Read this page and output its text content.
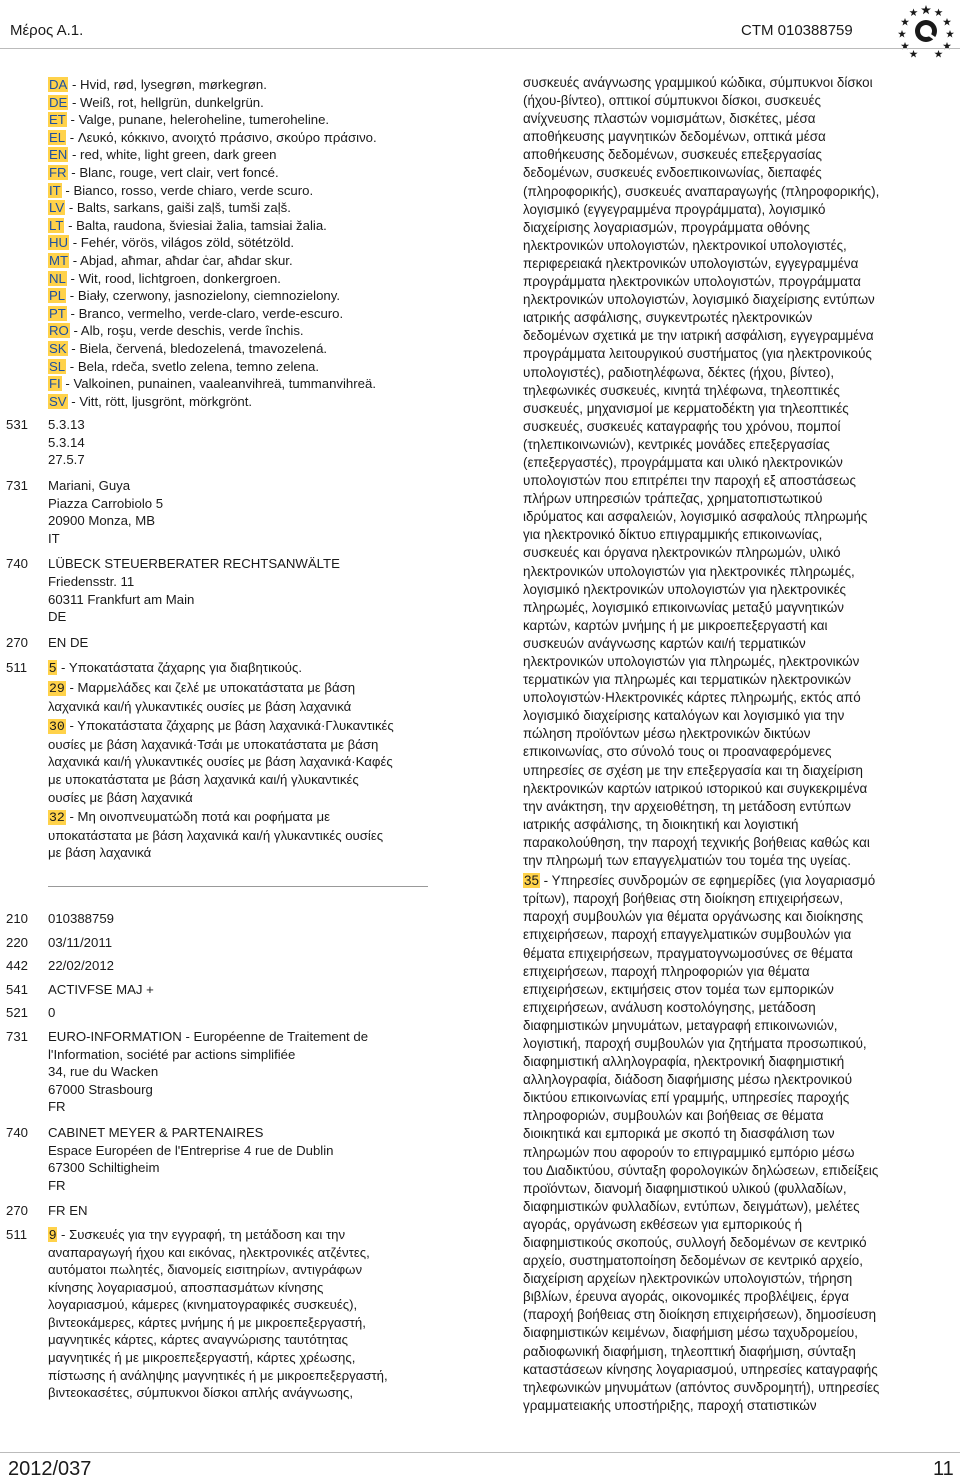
Μέρος Α.1.	CTM 010388759
DA - Hvid, rød, lysegrøn, mørkegrøn.
DE - Weiß, rot, hellgrün, dunkelgrün.
ET - Valge, punane, heleroheline, tumeroheline.
EL - Λευκό, κόκκινο, ανοιχτό πράσινο, σκούρο πράσινο.
EN - red, white, light green, dark green
FR - Blanc, rouge, vert clair, vert foncé.
IT - Bianco, rosso, verde chiaro, verde scuro.
LV - Balts, sarkans, gaiši zaļš, tumši zaļš.
LT - Balta, raudona, šviesiai žalia, tamsiai žalia.
HU - Fehér, vörös, világos zöld, sötétzöld.
MT - Abjad, aħmar, aħdar ċar, aħdar skur.
NL - Wit, rood, lichtgroen, donkergroen.
PL - Biały, czerwony, jasnozielony, ciemnozielony.
PT - Branco, vermelho, verde-claro, verde-escuro.
RO - Alb, roşu, verde deschis, verde închis.
SK - Biela, červená, bledozelená, tmavozelená.
SL - Bela, rdeča, svetlo zelena, temno zelena.
FI - Valkoinen, punainen, vaaleanvihreä, tummanvihreä.
SV - Vitt, rött, ljusgrönt, mörkgrönt.
531	5.3.13
5.3.14
27.5.7
731	Mariani, Guya
Piazza Carrobiolo 5
20900 Monza, MB
IT
740	LÜBECK STEUERBERATER RECHTSANWÄLTE
Friedensstr. 11
60311 Frankfurt am Main
DE
270	EN DE
511	5 - Υποκατάστατα ζάχαρης για διαβητικούς.
29 - Μαρμελάδες και ζελέ με υποκατάστατα με βάση
λαχανικά και/ή γλυκαντικές ουσίες με βάση λαχανικά
30 - Υποκατάστατα ζάχαρης με βάση λαχανικά·Γλυκαντικές
ουσίες με βάση λαχανικά·Τσάι με υποκατάστατα με βάση
λαχανικά και/ή γλυκαντικές ουσίες με βάση λαχανικά·Καφές
με υποκατάστατα με βάση λαχανικά και/ή γλυκαντικές
ουσίες με βάση λαχανικά
32 - Μη οινοπνευματώδη ποτά και ροφήματα με
υποκατάστατα με βάση λαχανικά και/ή γλυκαντικές ουσίες
με βάση λαχανικά
210	010388759
220	03/11/2011
442	22/02/2012
541	ACTIVFSE MAJ +
521	0
731	EURO-INFORMATION - Européenne de Traitement de
l'Information, société par actions simplifiée
34, rue du Wacken
67000 Strasbourg
FR
740	CABINET MEYER & PARTENAIRES
Espace Européen de l'Entreprise 4 rue de Dublin
67300 Schiltigheim
FR
270	FR EN
511	9 - Συσκευές για την εγγραφή, τη μετάδοση και την
αναπαραγωγή ήχου και εικόνας, ηλεκτρονικές ατζέντες,
αυτόματοι πωλητές, διανομείς εισιτηρίων, αντιγράφων
κίνησης λογαριασμού, αποσπασμάτων κίνησης
λογαριασμού, κάμερες (κινηματογραφικές συσκευές),
βιντεοκάμερες, κάρτες μνήμης ή με μικροεπεξεργαστή,
μαγνητικές κάρτες, κάρτες αναγνώρισης ταυτότητας
μαγνητικές ή με μικροεπεξεργαστή, κάρτες χρέωσης,
πίστωσης ή ανάληψης μαγνητικές ή με μικροεπεξεργαστή,
βιντεοκασέτες, σύμπυκνοι δίσκοι απλής ανάγνωσης,
συσκευές ανάγνωσης γραμμικού κώδικα, σύμπυκνοι δίσκοι
(ήχου-βίντεο), οπτικοί σύμπυκνοι δίσκοι, συσκευές
ανίχνευσης πλαστών νομισμάτων, δισκέτες, μέσα
αποθήκευσης μαγνητικών δεδομένων, οπτικά μέσα
αποθήκευσης δεδομένων, συσκευές επεξεργασίας
δεδομένων, συσκευές ενδοεπικοινωνίας, διεπαφές
(πληροφορικής), συσκευές αναπαραγωγής (πληροφορικής),
λογισμικό (εγγεγραμμένα προγράμματα), λογισμικό
διαχείρισης λογαριασμών, προγράμματα οθόνης
ηλεκτρονικών υπολογιστών, ηλεκτρονικοί υπολογιστές,
περιφερειακά ηλεκτρονικών υπολογιστών, εγγεγραμμένα
προγράμματα ηλεκτρονικών υπολογιστών, προγράμματα
ηλεκτρονικών υπολογιστών, λογισμικό διαχείρισης εντύπων
ιατρικής ασφάλισης, συγκεντρωτές ηλεκτρονικών
δεδομένων σχετικά με την ιατρική ασφάλιση, εγγεγραμμένα
προγράμματα λειτουργικού συστήματος (για ηλεκτρονικούς
υπολογιστές), ραδιοτηλέφωνα, δέκτες (ήχου, βίντεο),
τηλεφωνικές συσκευές, κινητά τηλέφωνα, τηλεοπτικές
συσκευές, μηχανισμοί με κερματοδέκτη για τηλεοπτικές
συσκευές, συσκευές καταγραφής του χρόνου, πομποί
(τηλεπικοινωνιών), κεντρικές μονάδες επεξεργασίας
(επεξεργαστές), προγράμματα και υλικό ηλεκτρονικών
υπολογιστών που επιτρέπει την παροχή εξ αποστάσεως
πλήρων υπηρεσιών τράπεζας, χρηματοπιστωτικού
ιδρύματος και ασφαλειών, λογισμικό ασφαλούς πληρωμής
για ηλεκτρονικό δίκτυο επιγραμμικής επικοινωνίας,
συσκευές και όργανα ηλεκτρονικών πληρωμών, υλικό
ηλεκτρονικών υπολογιστών για ηλεκτρονικές πληρωμές,
λογισμικό ηλεκτρονικών υπολογιστών για ηλεκτρονικές
πληρωμές, λογισμικό επικοινωνίας μεταξύ μαγνητικών
καρτών, καρτών μνήμης ή με μικροεπεξεργαστή και
συσκευών ανάγνωσης καρτών και/ή τερματικών
ηλεκτρονικών υπολογιστών για πληρωμές, ηλεκτρονικών
τερματικών για πληρωμές και τερματικών ηλεκτρονικών
υπολογιστών·Ηλεκτρονικές κάρτες πληρωμής, εκτός από
λογισμικό διαχείρισης καταλόγων και λογισμικό για την
πώληση προϊόντων μέσω ηλεκτρονικών δικτύων
επικοινωνίας, στο σύνολό τους οι προαναφερόμενες
υπηρεσίες σε σχέση με την επεξεργασία και τη διαχείριση
ηλεκτρονικών καρτών ιατρικού ιστορικού και συγκεκριμένα
την ανάκτηση, την αρχειοθέτηση, τη μετάδοση εντύπων
ιατρικής ασφάλισης, τη διοικητική και λογιστική
παρακολούθηση, την παροχή τεχνικής βοήθειας καθώς και
την πληρωμή των επαγγελματιών του τομέα της υγείας.
35 - Υπηρεσίες συνδρομών σε εφημερίδες (για λογαριασμό
τρίτων), παροχή βοήθειας στη διοίκηση επιχειρήσεων,
παροχή συμβουλών για θέματα οργάνωσης και διοίκησης
επιχειρήσεων, παροχή επαγγελματικών συμβουλών για
θέματα επιχειρήσεων, πραγματογνωμοσύνες σε θέματα
επιχειρήσεων, παροχή πληροφοριών για θέματα
επιχειρήσεων, εκτιμήσεις στον τομέα των εμπορικών
επιχειρήσεων, ανάλυση κοστολόγησης, μετάδοση
διαφημιστικών μηνυμάτων, μεταγραφή επικοινωνιών,
λογιστική, παροχή συμβουλών για ζητήματα προσωπικού,
διαφημιστική αλληλογραφία, ηλεκτρονική διαφημιστική
αλληλογραφία, διάδοση διαφήμισης μέσω ηλεκτρονικού
δικτύου επικοινωνίας επί γραμμής, υπηρεσίες παροχής
πληροφοριών, συμβουλών και βοήθειας σε θέματα
διοικητικά και εμπορικά με σκοπό τη διασφάλιση των
πληρωμών που αφορούν το επιγραμμικό εμπόριο μέσω
του Διαδικτύου, σύνταξη φορολογικών δηλώσεων, επιδείξεις
προϊόντων, διανομή διαφημιστικού υλικού (φυλλαδίων,
διαφημιστικών φυλλαδίων, εντύπων, δειγμάτων), μελέτες
αγοράς, οργάνωση εκθέσεων για εμπορικούς ή
διαφημιστικούς σκοπούς, συλλογή δεδομένων σε κεντρικό
αρχείο, συστηματοποίηση δεδομένων σε κεντρικό αρχείο,
διαχείριση αρχείων ηλεκτρονικών υπολογιστών, τήρηση
βιβλίων, έρευνα αγοράς, οικονομικές προβλέψεις, έργα
(παροχή βοήθειας στη διοίκηση επιχειρήσεων), δημοσίευση
διαφημιστικών κειμένων, διαφήμιση μέσω ταχυδρομείου,
ραδιοφωνική διαφήμιση, τηλεοπτική διαφήμιση, σύνταξη
καταστάσεων κίνησης λογαριασμού, υπηρεσίες καταγραφής
τηλεφωνικών μηνυμάτων (απόντος συνδρομητή), υπηρεσίες
γραμματειακής υποστήριξης, παροχή στατιστικών
2012/037	11
